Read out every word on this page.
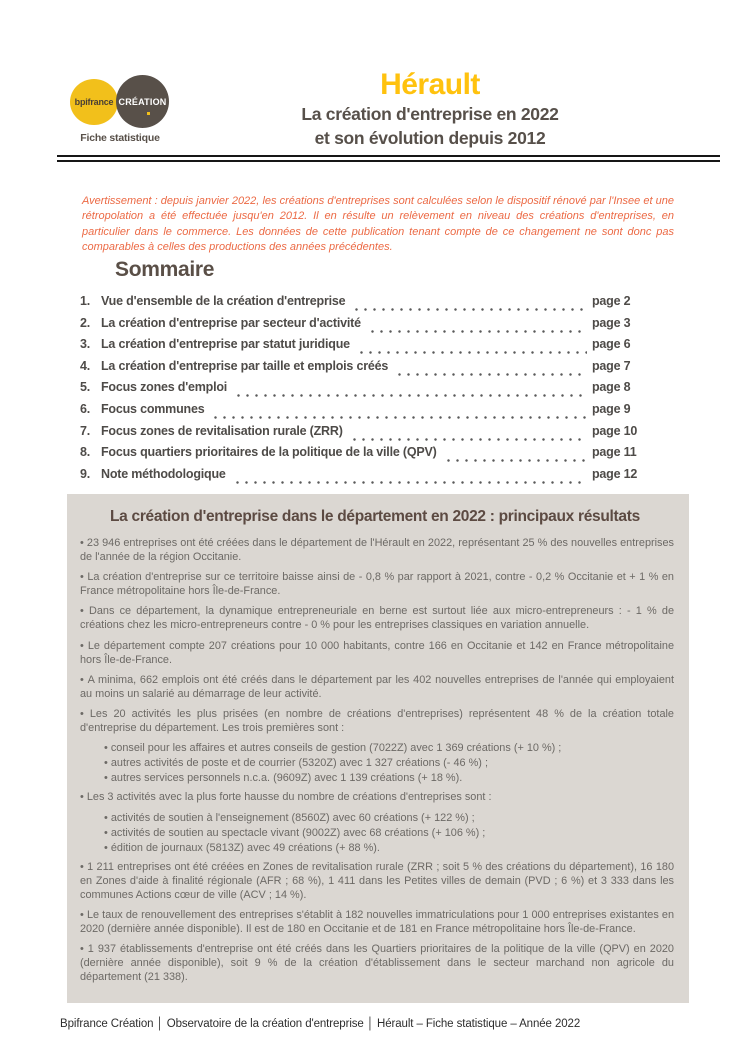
bpifrance CRÉATION
Fiche statistique
Hérault
La création d'entreprise en 2022
et son évolution depuis 2012

Avertissement : depuis janvier 2022, les créations d'entreprises sont calculées selon le dispositif rénové par l'Insee et une rétropolation a été effectuée jusqu'en 2012. Il en résulte un relèvement en niveau des créations d'entreprises, en particulier dans le commerce. Les données de cette publication tenant compte de ce changement ne sont donc pas comparables à celles des productions des années précédentes.

Sommaire
1. Vue d'ensemble de la création d'entreprise	page 2
2. La création d'entreprise par secteur d'activité	page 3
3. La création d'entreprise par statut juridique	page 6
4. La création d'entreprise par taille et emplois créés	page 7
5. Focus zones d'emploi	page 8
6. Focus communes	page 9
7. Focus zones de revitalisation rurale (ZRR)	page 10
8. Focus quartiers prioritaires de la politique de la ville (QPV)	page 11
9. Note méthodologique	page 12
La création d'entreprise dans le département en 2022 : principaux résultats

• 23 946 entreprises ont été créées dans le département de l'Hérault en 2022, représentant 25 % des nouvelles entreprises de l'année de la région Occitanie.

• La création d'entreprise sur ce territoire baisse ainsi de - 0,8 % par rapport à 2021, contre - 0,2 % Occitanie et + 1 % en France métropolitaine hors Île-de-France.

• Dans ce département, la dynamique entrepreneuriale en berne est surtout liée aux micro-entrepreneurs : - 1 % de créations chez les micro-entrepreneurs contre - 0 % pour les entreprises classiques en variation annuelle.

• Le département compte 207 créations pour 10 000 habitants, contre 166 en Occitanie et 142 en France métropolitaine hors Île-de-France.

• A minima, 662 emplois ont été créés dans le département par les 402 nouvelles entreprises de l'année qui employaient au moins un salarié au démarrage de leur activité.

• Les 20 activités les plus prisées (en nombre de créations d'entreprises) représentent 48 % de la création totale d'entreprise du département. Les trois premières sont :

• conseil pour les affaires et autres conseils de gestion (7022Z) avec 1 369 créations (+ 10 %) ;

• autres activités de poste et de courrier (5320Z) avec 1 327 créations (- 46 %) ;

• autres services personnels n.c.a. (9609Z) avec 1 139 créations (+ 18 %).

• Les 3 activités avec la plus forte hausse du nombre de créations d'entreprises sont :

• activités de soutien à l'enseignement (8560Z) avec 60 créations (+ 122 %) ;

• activités de soutien au spectacle vivant (9002Z) avec 68 créations (+ 106 %) ;

• édition de journaux (5813Z) avec 49 créations (+ 88 %).

• 1 211 entreprises ont été créées en Zones de revitalisation rurale (ZRR ; soit 5 % des créations du département), 16 180 en Zones d'aide à finalité régionale (AFR ; 68 %), 1 411 dans les Petites villes de demain (PVD ; 6 %) et 3 333 dans les communes Actions cœur de ville (ACV ; 14 %).

• Le taux de renouvellement des entreprises s'établit à 182 nouvelles immatriculations pour 1 000 entreprises existantes en 2020 (dernière année disponible). Il est de 180 en Occitanie et de 181 en France métropolitaine hors Île-de-France.

• 1 937 établissements d'entreprise ont été créés dans les Quartiers prioritaires de la politique de la ville (QPV) en 2020 (dernière année disponible), soit 9 % de la création d'établissement dans le secteur marchand non agricole du département (21 338).

Bpifrance Création │ Observatoire de la création d'entreprise │ Hérault – Fiche statistique – Année 2022
